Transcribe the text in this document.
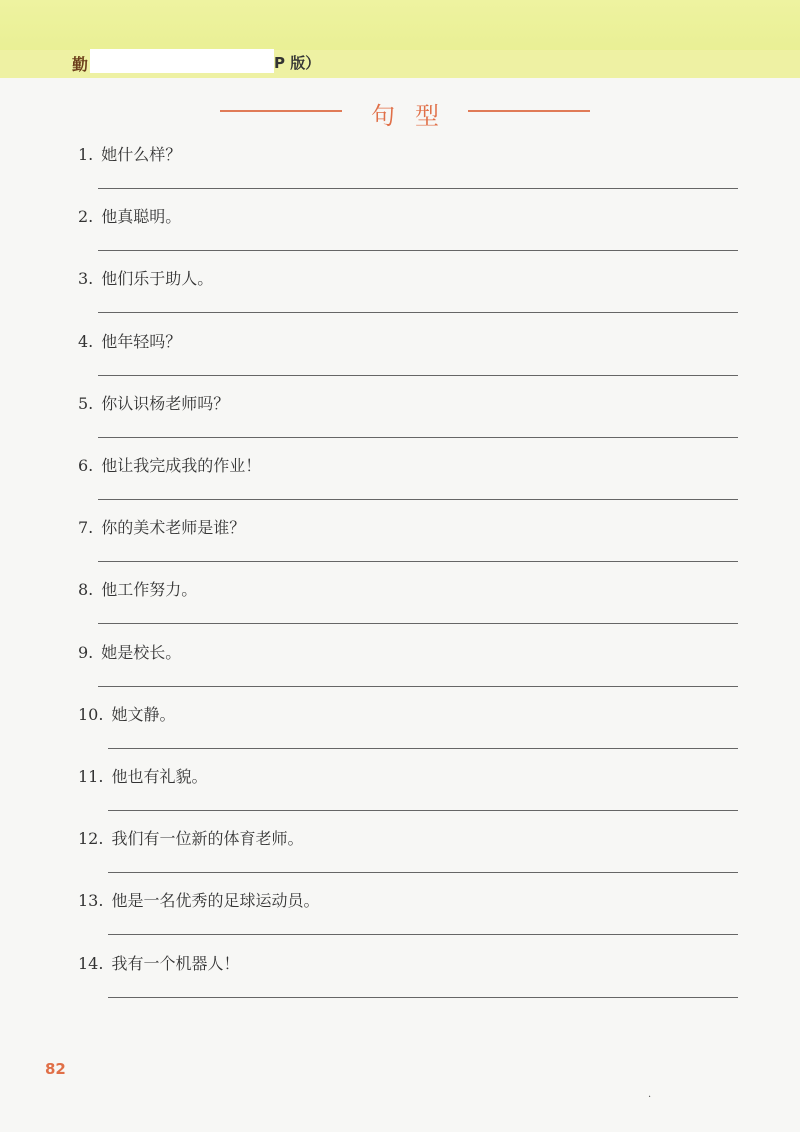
勤	P 版）
句型
1. 她什么样？
2. 他真聪明。
3. 他们乐于助人。
4. 他年轻吗？
5. 你认识杨老师吗？
6. 他让我完成我的作业！
7. 你的美术老师是谁？
8. 他工作努力。
9. 她是校长。
10. 她文静。
11. 他也有礼貌。
12. 我们有一位新的体育老师。
13. 他是一名优秀的足球运动员。
14. 我有一个机器人！
82
·
